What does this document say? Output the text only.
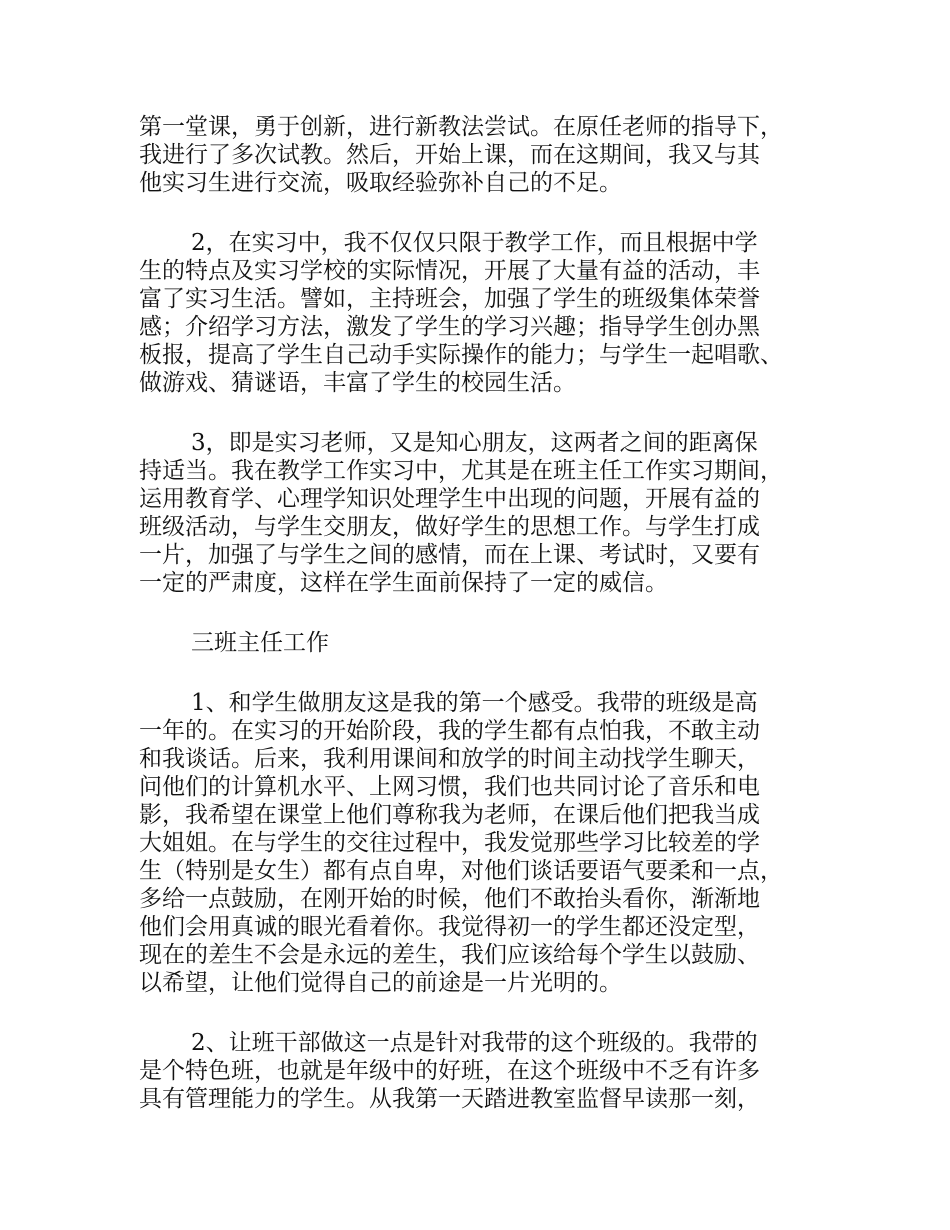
第一堂课，勇于创新，进行新教法尝试。在原任老师的指导下，
我进行了多次试教。然后，开始上课，而在这期间，我又与其
他实习生进行交流，吸取经验弥补自己的不足。
2，在实习中，我不仅仅只限于教学工作，而且根据中学
生的特点及实习学校的实际情况，开展了大量有益的活动，丰
富了实习生活。譬如，主持班会，加强了学生的班级集体荣誉
感；介绍学习方法，激发了学生的学习兴趣；指导学生创办黑
板报，提高了学生自己动手实际操作的能力；与学生一起唱歌、
做游戏、猜谜语，丰富了学生的校园生活。
3，即是实习老师，又是知心朋友，这两者之间的距离保
持适当。我在教学工作实习中，尤其是在班主任工作实习期间，
运用教育学、心理学知识处理学生中出现的问题，开展有益的
班级活动，与学生交朋友，做好学生的思想工作。与学生打成
一片，加强了与学生之间的感情，而在上课、考试时，又要有
一定的严肃度，这样在学生面前保持了一定的威信。
三班主任工作
1、和学生做朋友这是我的第一个感受。我带的班级是高
一年的。在实习的开始阶段，我的学生都有点怕我，不敢主动
和我谈话。后来，我利用课间和放学的时间主动找学生聊天，
问他们的计算机水平、上网习惯，我们也共同讨论了音乐和电
影，我希望在课堂上他们尊称我为老师，在课后他们把我当成
大姐姐。在与学生的交往过程中，我发觉那些学习比较差的学
生（特别是女生）都有点自卑，对他们谈话要语气要柔和一点，
多给一点鼓励，在刚开始的时候，他们不敢抬头看你，渐渐地
他们会用真诚的眼光看着你。我觉得初一的学生都还没定型，
现在的差生不会是永远的差生，我们应该给每个学生以鼓励、
以希望，让他们觉得自己的前途是一片光明的。
2、让班干部做这一点是针对我带的这个班级的。我带的
是个特色班，也就是年级中的好班，在这个班级中不乏有许多
具有管理能力的学生。从我第一天踏进教室监督早读那一刻，
